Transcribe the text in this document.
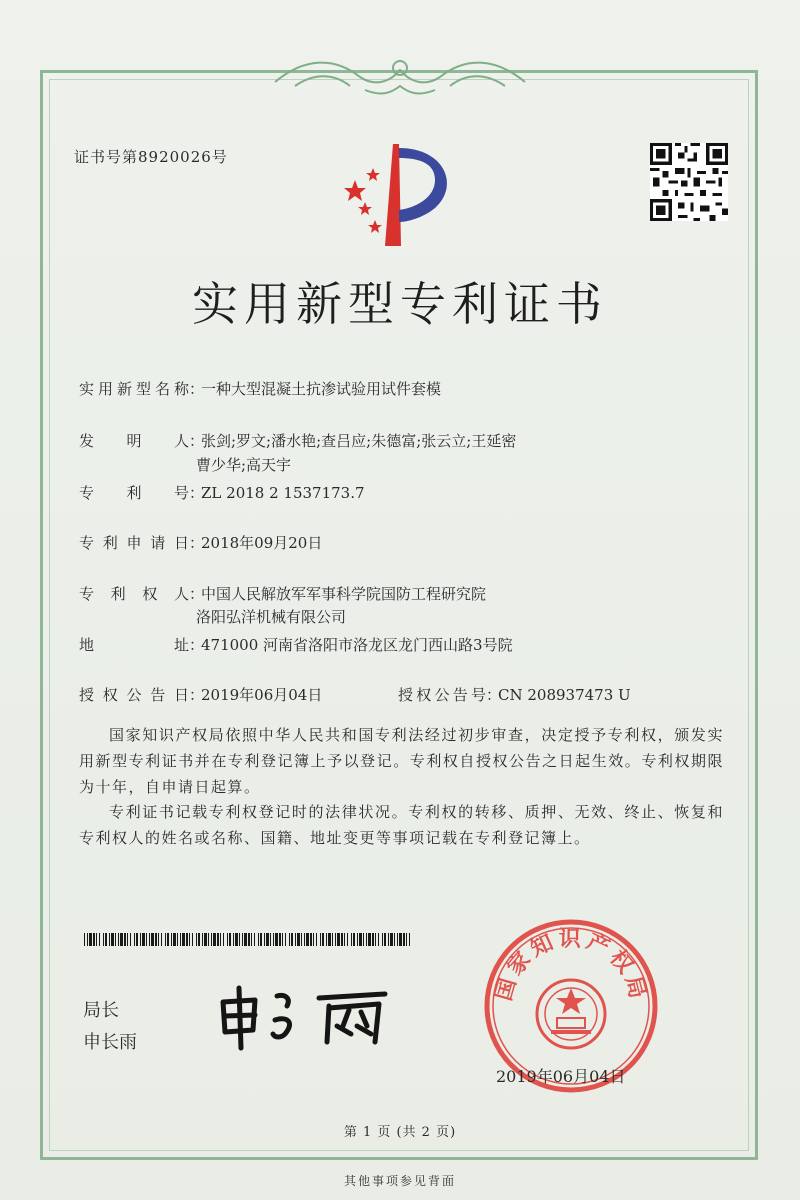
证书号第8920026号
实用新型专利证书
实用新型名称：一种大型混凝土抗渗试验用试件套模
发明人：张剑;罗文;潘水艳;查吕应;朱德富;张云立;王延密
曹少华;高天宇
专利号：ZL 2018 2 1537173.7
专利申请日：2018年09月20日
专利权人：中国人民解放军军事科学院国防工程研究院
洛阳弘洋机械有限公司
地址：471000 河南省洛阳市洛龙区龙门西山路3号院
授权公告日：2019年06月04日	授权公告号：CN 208937473 U
国家知识产权局依照中华人民共和国专利法经过初步审查，决定授予专利权，颁发实用新型专利证书并在专利登记簿上予以登记。专利权自授权公告之日起生效。专利权期限为十年，自申请日起算。
专利证书记载专利权登记时的法律状况。专利权的转移、质押、无效、终止、恢复和专利权人的姓名或名称、国籍、地址变更等事项记载在专利登记簿上。
局长
申长雨
国家知识产权局
2019年06月04日
第 1 页 (共 2 页)
其他事项参见背面
